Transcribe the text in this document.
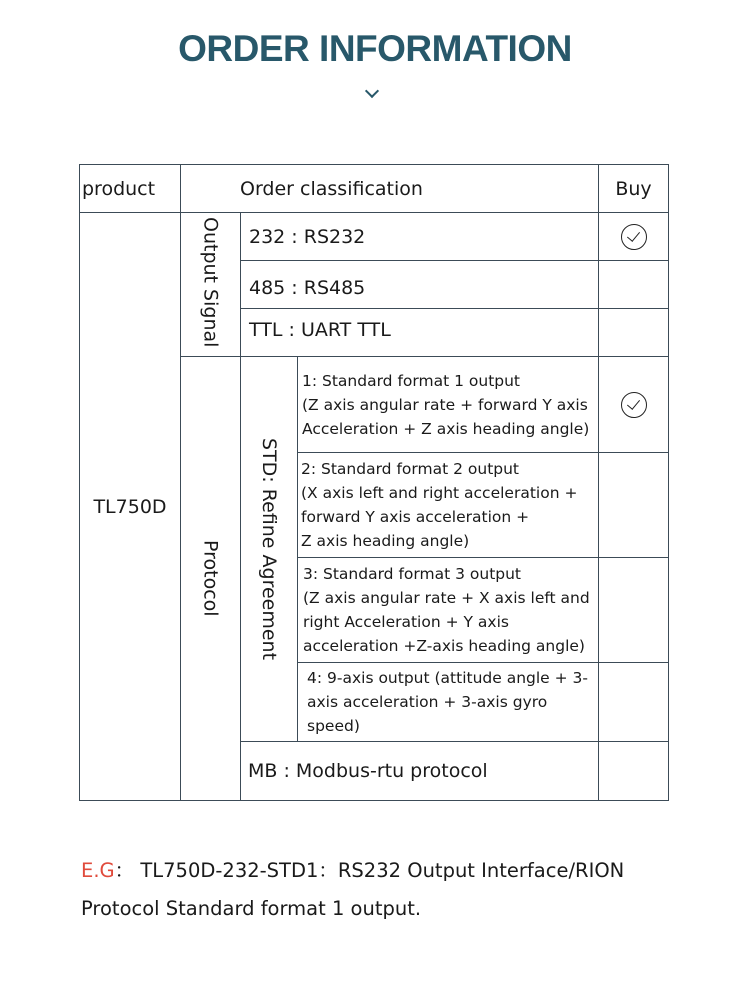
ORDER INFORMATION
product	Order classification	Buy
TL750D
Output Signal
Protocol
232 : RS232
485 : RS485
TTL : UART TTL
STD: Refine Agreement
1: Standard format 1 output
(Z axis angular rate + forward Y axis Acceleration + Z axis heading angle)
2: Standard format 2 output
(X axis left and right acceleration + forward Y axis acceleration +
Z axis heading angle)
3: Standard format 3 output
(Z axis angular rate + X axis left and right Acceleration + Y axis acceleration +Z-axis heading angle)
4: 9-axis output (attitude angle + 3-axis acceleration + 3-axis gyro speed)
MB : Modbus-rtu protocol
E.G： TL750D-232-STD1：RS232 Output Interface/RION Protocol Standard format 1 output.
